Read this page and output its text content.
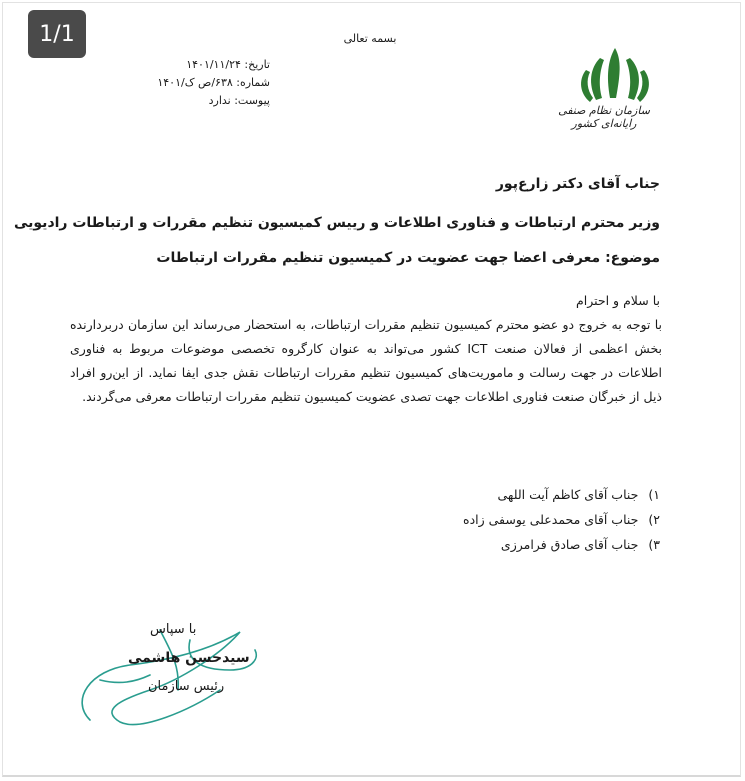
1/1	بسمه تعالی
تاریخ: ۱۴۰۱/۱۱/۲۴
شماره: ۶۳۸/ص ک/۱۴۰۱
پیوست: ندارد
سازمان نظام صنفی رایانه‌ای کشور
جناب آقای دکتر زارع‌پور
وزیر محترم ارتباطات و فناوری اطلاعات و رییس کمیسیون تنظیم مقررات و ارتباطات رادیویی
موضوع: معرفی اعضا جهت عضویت در کمیسیون تنظیم مقررات ارتباطات
با سلام و احترام

با توجه به خروج دو عضو محترم کمیسیون تنظیم مقررات ارتباطات، به استحضار می‌رساند این سازمان دربردارنده بخش اعظمی از فعالان صنعت ICT کشور می‌تواند به عنوان کارگروه تخصصی موضوعات مربوط به فناوری اطلاعات در جهت رسالت و ماموریت‌های کمیسیون تنظیم مقررات ارتباطات نقش جدی ایفا نماید. از این‌رو افراد ذیل از خبرگان صنعت فناوری اطلاعات جهت تصدی عضویت کمیسیون تنظیم مقررات ارتباطات معرفی می‌گردند.

۱)
جناب آقای کاظم آیت اللهی
۲)
جناب آقای محمدعلی یوسفی زاده
۳)
جناب آقای صادق فرامرزی
با سپاس
سیدحسن هاشمی
رئیس سازمان
